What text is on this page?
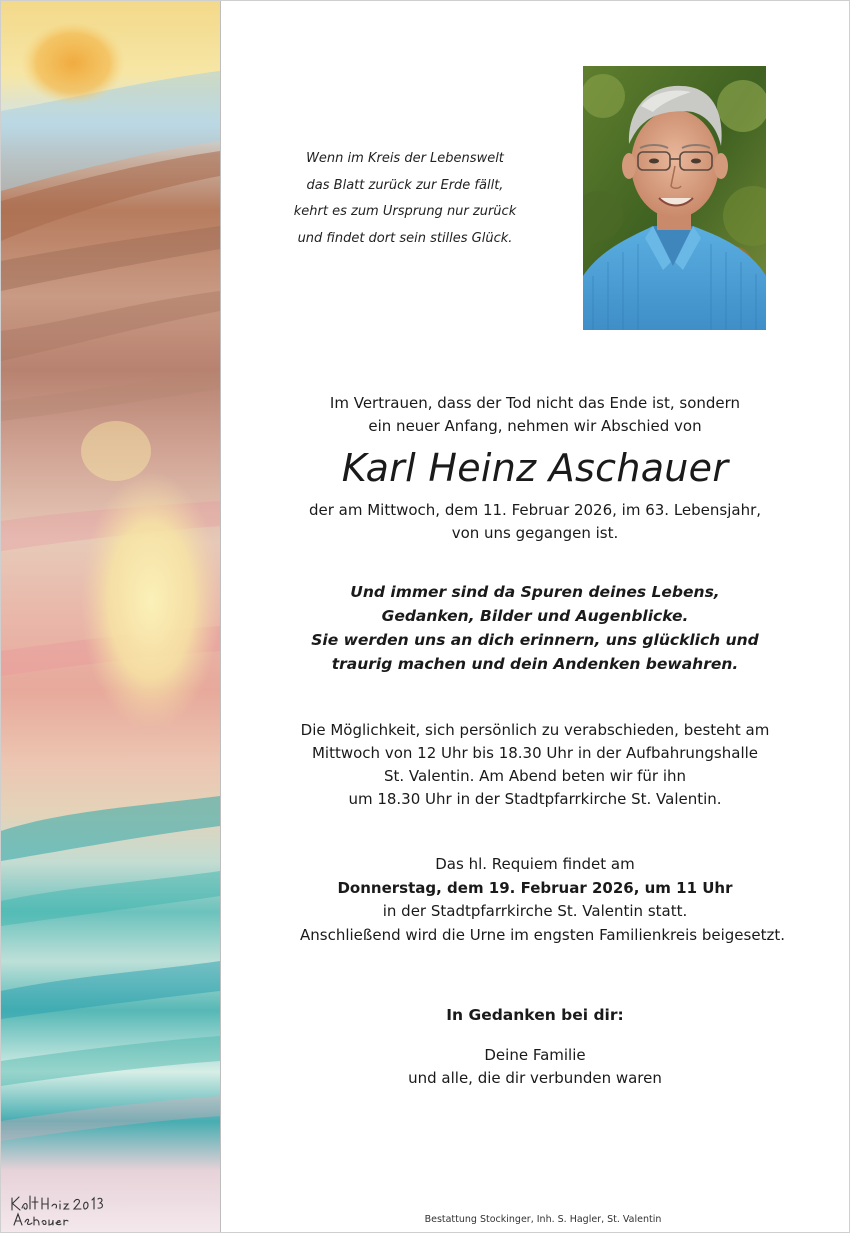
Wenn im Kreis der Lebenswelt
das Blatt zurück zur Erde fällt,
kehrt es zum Ursprung nur zurück
und findet dort sein stilles Glück.
Im Vertrauen, dass der Tod nicht das Ende ist, sondern
ein neuer Anfang, nehmen wir Abschied von
Karl Heinz Aschauer
der am Mittwoch, dem 11. Februar 2026, im 63. Lebensjahr,
von uns gegangen ist.
Und immer sind da Spuren deines Lebens,
Gedanken, Bilder und Augenblicke.
Sie werden uns an dich erinnern, uns glücklich und
traurig machen und dein Andenken bewahren.
Die Möglichkeit, sich persönlich zu verabschieden, besteht am
Mittwoch von 12 Uhr bis 18.30 Uhr in der Aufbahrungshalle
St. Valentin. Am Abend beten wir für ihn
um 18.30 Uhr in der Stadtpfarrkirche St. Valentin.
Das hl. Requiem findet am
Donnerstag, dem 19. Februar 2026, um 11 Uhr
in der Stadtpfarrkirche St. Valentin statt.
Anschließend wird die Urne im engsten Familienkreis beigesetzt.
In Gedanken bei dir:
Deine Familie
und alle, die dir verbunden waren
Bestattung Stockinger, Inh. S. Hagler, St. Valentin
